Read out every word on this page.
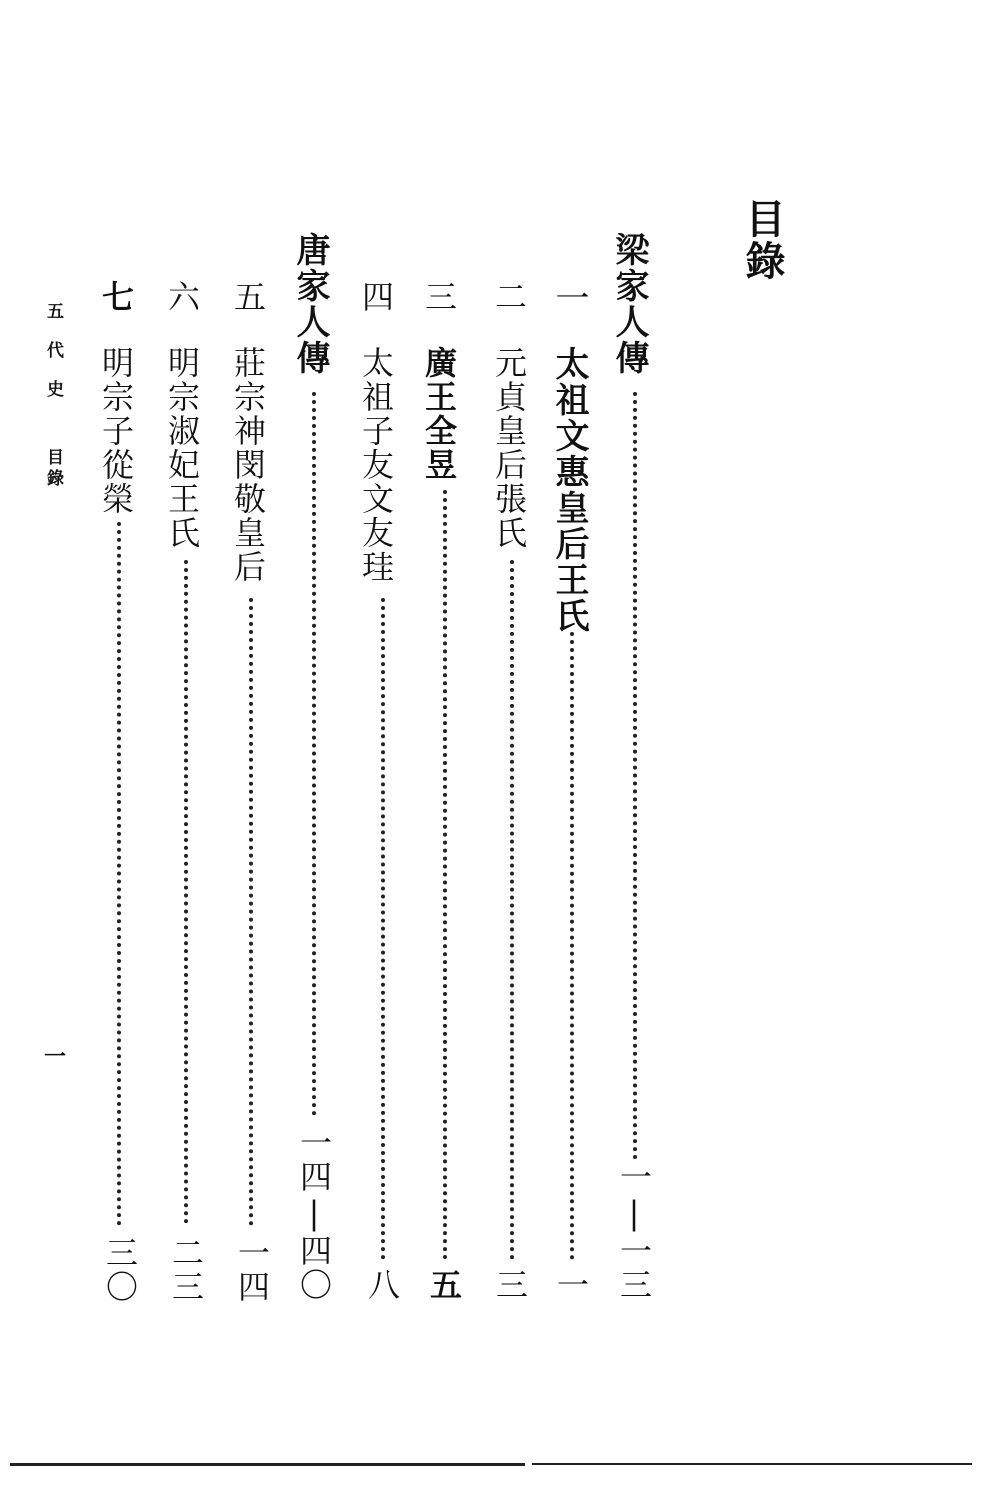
目錄
梁家人傳
一|一三
一
太祖文惠皇后王氏
一
二
元貞皇后張氏
三
三
廣王全昱
五
四
太祖子友文友珪
八
唐家人傳
一四|四〇
五
莊宗神閔敬皇后
一四
六
明宗淑妃王氏
二三
七
明宗子從榮
三〇
五代史
目錄
一
